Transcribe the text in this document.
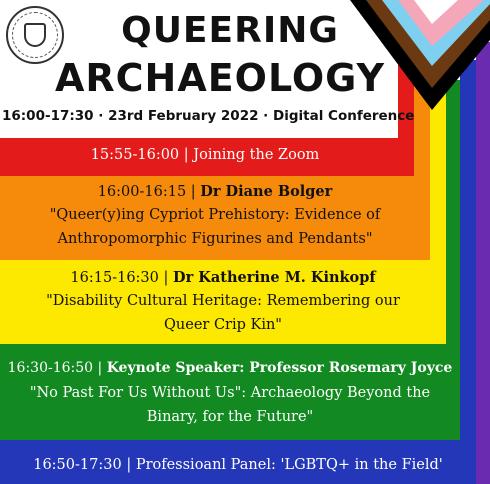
QUEERING
ARCHAEOLOGY
16:00-17:30 · 23rd February 2022 · Digital Conference
15:55-16:00 | Joining the Zoom
16:00-16:15 | Dr Diane Bolger
"Queer(y)ing Cypriot Prehistory: Evidence of
Anthropomorphic Figurines and Pendants"
16:15-16:30 | Dr Katherine M. Kinkopf
"Disability Cultural Heritage: Remembering our
Queer Crip Kin"
16:30-16:50 | Keynote Speaker: Professor Rosemary Joyce
"No Past For Us Without Us": Archaeology Beyond the
Binary, for the Future"
16:50-17:30 | Professioanl Panel: 'LGBTQ+ in the Field'
